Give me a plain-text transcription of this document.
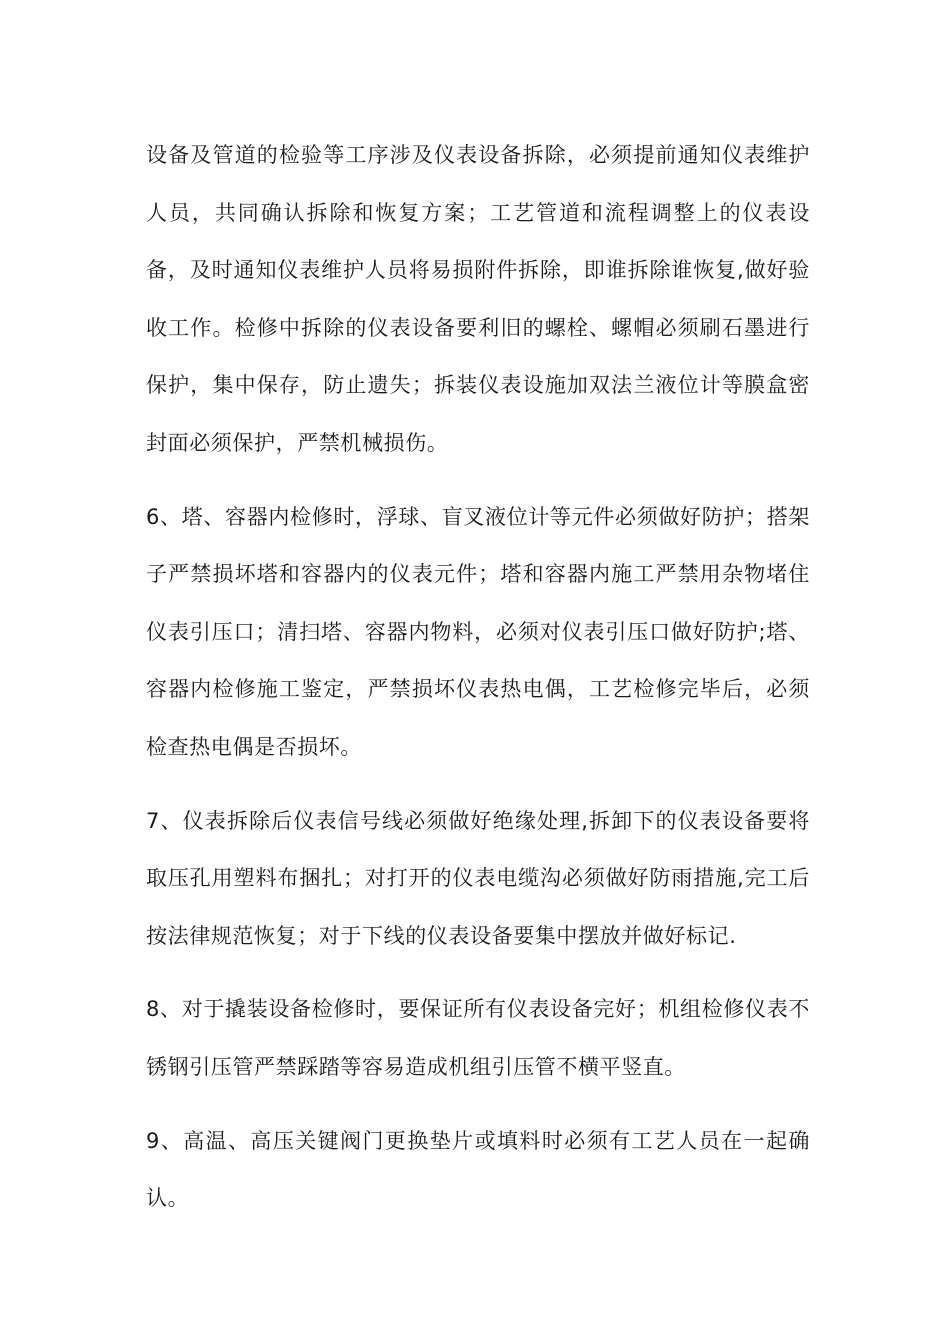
设备及管道的检验等工序涉及仪表设备拆除，必须提前通知仪表维护人员，共同确认拆除和恢复方案；工艺管道和流程调整上的仪表设备，及时通知仪表维护人员将易损附件拆除，即谁拆除谁恢复,做好验收工作。检修中拆除的仪表设备要利旧的螺栓、螺帽必须刷石墨进行保护，集中保存，防止遗失；拆装仪表设施加双法兰液位计等膜盒密封面必须保护，严禁机械损伤。

6、塔、容器内检修时，浮球、盲叉液位计等元件必须做好防护；搭架子严禁损坏塔和容器内的仪表元件；塔和容器内施工严禁用杂物堵住仪表引压口；清扫塔、容器内物料，必须对仪表引压口做好防护;塔、容器内检修施工鉴定，严禁损坏仪表热电偶，工艺检修完毕后，必须检查热电偶是否损坏。

7、仪表拆除后仪表信号线必须做好绝缘处理,拆卸下的仪表设备要将取压孔用塑料布捆扎；对打开的仪表电缆沟必须做好防雨措施,完工后按法律规范恢复；对于下线的仪表设备要集中摆放并做好标记.

8、对于撬装设备检修时，要保证所有仪表设备完好；机组检修仪表不锈钢引压管严禁踩踏等容易造成机组引压管不横平竖直。

9、高温、高压关键阀门更换垫片或填料时必须有工艺人员在一起确认。
